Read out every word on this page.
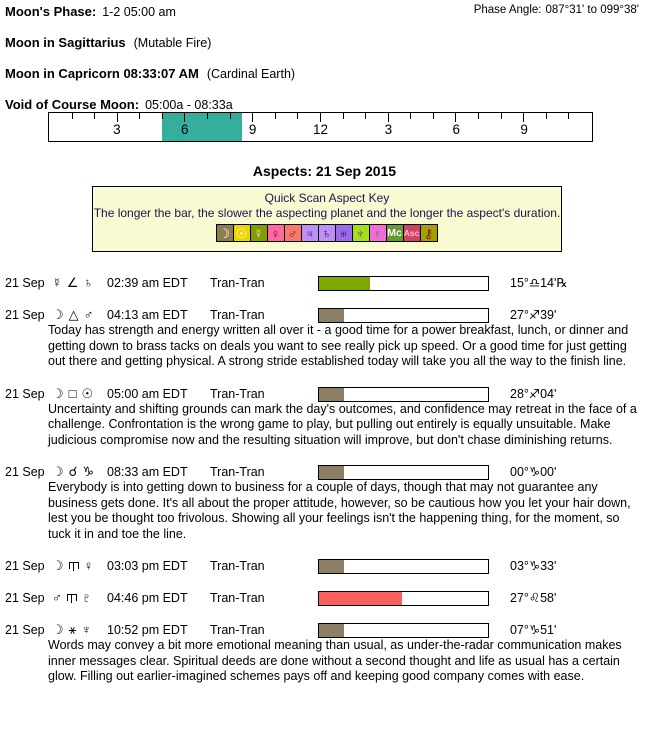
Moon's Phase: 1-2 05:00 am	Phase Angle: 087°31' to 099°38'
Moon in Sagittarius (Mutable Fire)
Moon in Capricorn 08:33:07 AM (Cardinal Earth)
Void of Course Moon: 05:00a - 08:33a
3	6	9	12	3	6	9
Aspects: 21 Sep 2015
Quick Scan Aspect Key
The longer the bar, the slower the aspecting planet and the longer the aspect's duration.
☽ ☉ ☿ ♀ ♂ ♃ ♄ ♅ ♆ ♇ Mc Asc ⚷
21 Sep ☿ ∠ ♄ 02:39 am EDT	Tran-Tran	15°♎14'℞
21 Sep ☽ △ ♂ 04:13 am EDT	Tran-Tran	27°♐39'

Today has strength and energy written all over it - a good time for a power breakfast, lunch, or dinner and getting down to brass tacks on deals you want to see really pick up speed. Or a good time for just getting out there and getting physical. A strong stride established today will take you all the way to the finish line.

21 Sep ☽ □ ☉ 05:00 am EDT	Tran-Tran	28°♐04'

Uncertainty and shifting grounds can mark the day's outcomes, and confidence may retreat in the face of a challenge. Confrontation is the wrong game to play, but pulling out entirely is equally unsuitable. Make judicious compromise now and the resulting situation will improve, but don't chase diminishing returns.

21 Sep ☽ ☌ ♑ 08:33 am EDT	Tran-Tran	00°♑00'

Everybody is into getting down to business for a couple of days, though that may not guarantee any business gets done. It's all about the proper attitude, however, so be cautious how you let your hair down, lest you be thought too frivolous. Showing all your feelings isn't the happening thing, for the moment, so tuck it in and toe the line.

21 Sep ☽ ♀ 03:03 pm EDT	Tran-Tran	03°♑33'
21 Sep ♂ ♇ 04:46 pm EDT	Tran-Tran	27°♌58'
21 Sep ☽ ⚹ ♆ 10:52 pm EDT	Tran-Tran	07°♑51'

Words may convey a bit more emotional meaning than usual, as under-the-radar communication makes inner messages clear. Spiritual deeds are done without a second thought and life as usual has a certain glow. Filling out earlier-imagined schemes pays off and keeping good company comes with ease.
